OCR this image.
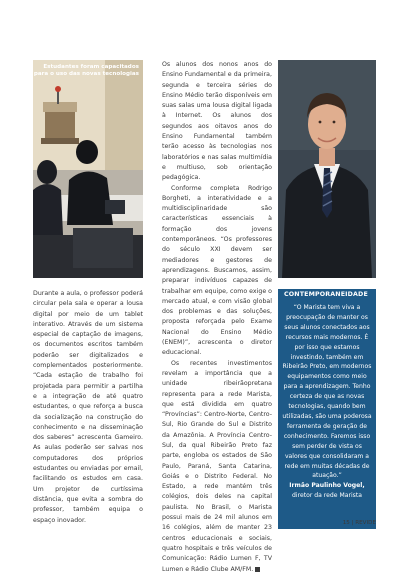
Estudantes foram capacitados
para o uso das novas tecnologias

Durante a aula, o professor poderá circular pela sala e operar a lousa digital por meio de um tablet interativo. Através de um sistema especial de captação de imagens, os documentos escritos também poderão ser digitalizados e complementados posteriormente. “Cada estação de trabalho foi projetada para permitir a partilha e a integração de até quatro estudantes, o que reforça a busca da socialização na construção do conhecimento e na disseminação dos saberes” acrescenta Gameiro. As aulas poderão ser salvas nos computadores dos próprios estudantes ou enviadas por email, facilitando os estudos em casa. Um projetor de curtíssima distância, que evita a sombra do professor, também equipa o espaço inovador.

Os alunos dos nonos anos do Ensino Fundamental e da primeira, segunda e terceira séries do Ensino Médio terão disponíveis em suas salas uma lousa digital ligada à Internet. Os alunos dos segundos aos oitavos anos do Ensino Fundamental também terão acesso às tecnologias nos laboratórios e nas salas multimídia e multiuso, sob orientação pedagógica.

Conforme completa Rodrigo Borgheti, a interatividade e a multidisciplinaridade são características essenciais à formação dos jovens contemporâneos. “Os professores do século XXI devem ser mediadores e gestores de aprendizagens. Buscamos, assim, preparar indivíduos capazes de trabalhar em equipe, como exige o mercado atual, e com visão global dos problemas e das soluções, proposta reforçada pelo Exame Nacional do Ensino Médio (ENEM)”, acrescenta o diretor educacional.

Os recentes investimentos revelam a importância que a unidade ribeirãopretana representa para a rede Marista, que está dividida em quatro “Províncias”: Centro-Norte, Centro-Sul, Rio Grande do Sul e Distrito da Amazônia. A Província Centro-Sul, da qual Ribeirão Preto faz parte, engloba os estados de São Paulo, Paraná, Santa Catarina, Goiás e o Distrito Federal. No Estado, a rede mantém três colégios, dois deles na capital paulista. No Brasil, o Marista possui mais de 24 mil alunos em 16 colégios, além de manter 23 centros educacionais e sociais, quatro hospitais e três veículos de Comunicação: Rádio Lumen F, TV Lumen e Rádio Clube AM/FM.

CONTEMPORANEIDADE

“O Marista tem viva a preocupação de manter os seus alunos conectados aos recursos mais modernos. É por isso que estamos investindo, também em Ribeirão Preto, em modernos equipamentos como meio para a aprendizagem. Tenho certeza de que as novas tecnologias, quando bem utilizadas, são uma poderosa ferramenta de geração de conhecimento. Faremos isso sem perder de vista os valores que consolidaram a rede em muitas décadas de atuação.”

Irmão Paulinho Vogel,

diretor da rede Marista

15 | REVIDE
